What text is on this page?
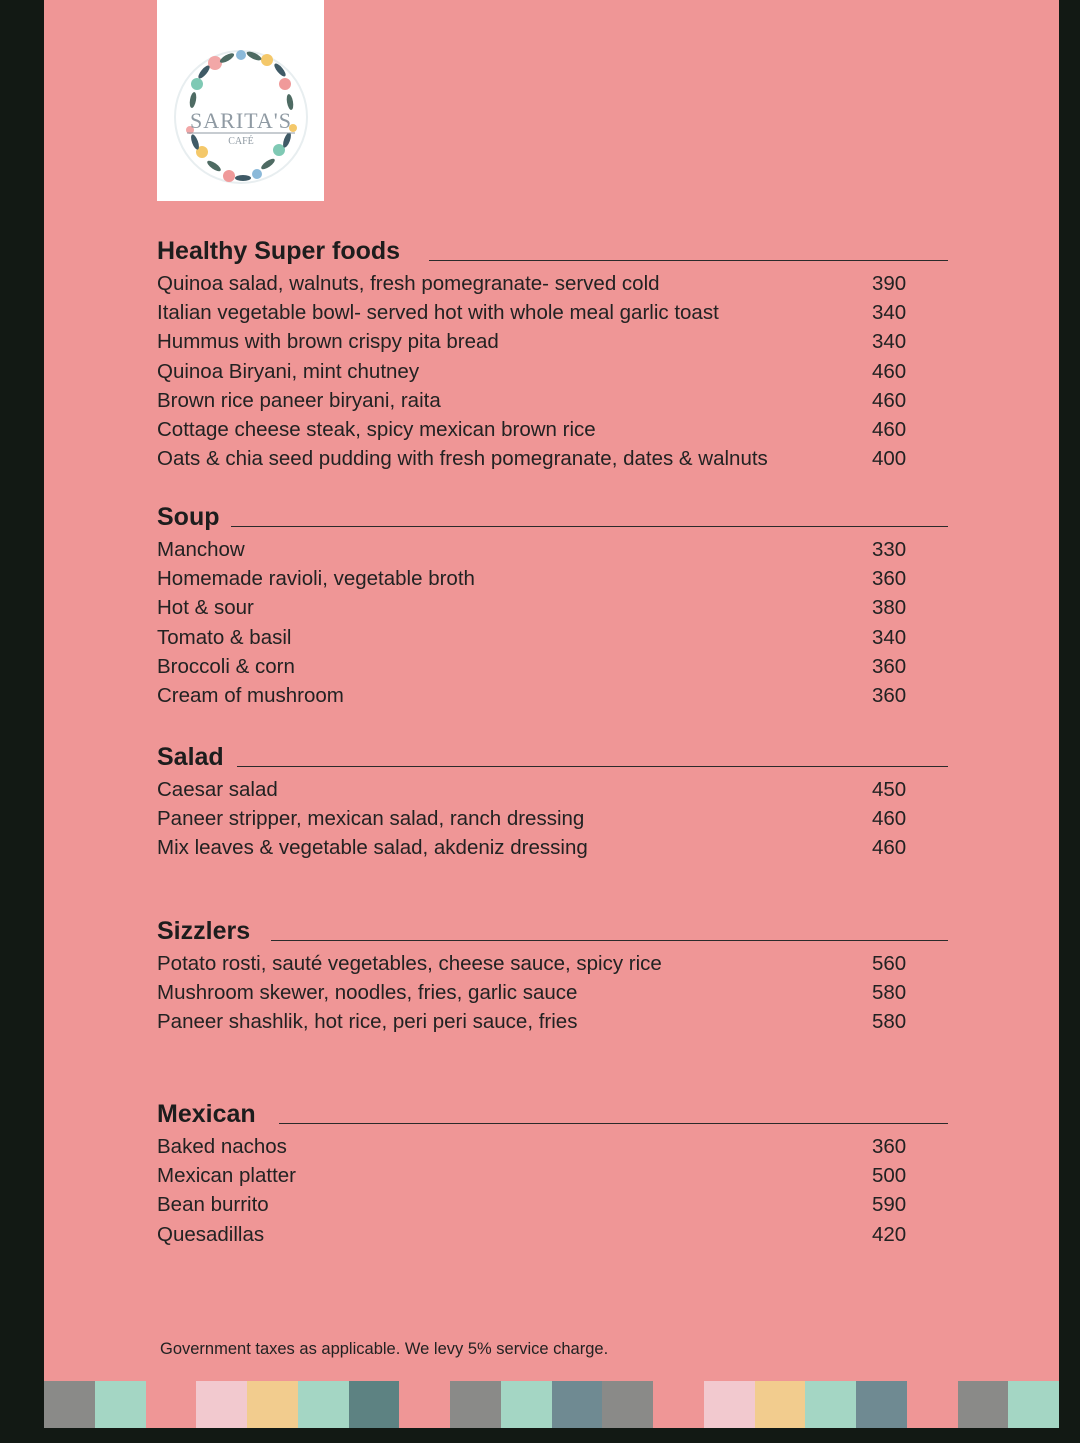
SARITA'S
CAFÉ
Healthy Super foods
Quinoa salad, walnuts, fresh pomegranate- served cold	390
Italian vegetable bowl- served hot with whole meal garlic toast	340
Hummus with brown crispy pita bread	340
Quinoa Biryani, mint chutney	460
Brown rice paneer biryani, raita	460
Cottage cheese steak, spicy mexican brown rice	460
Oats & chia seed pudding with fresh pomegranate, dates & walnuts	400
Soup
Manchow	330
Homemade ravioli, vegetable broth	360
Hot & sour	380
Tomato & basil	340
Broccoli & corn	360
Cream of mushroom	360
Salad
Caesar salad	450
Paneer stripper, mexican salad, ranch dressing	460
Mix leaves & vegetable salad, akdeniz dressing	460
Sizzlers
Potato rosti, sauté vegetables, cheese sauce, spicy rice	560
Mushroom skewer, noodles, fries, garlic sauce	580
Paneer shashlik, hot rice, peri peri sauce, fries	580
Mexican
Baked nachos	360
Mexican platter	500
Bean burrito	590
Quesadillas	420
Government taxes as applicable. We levy 5% service charge.
